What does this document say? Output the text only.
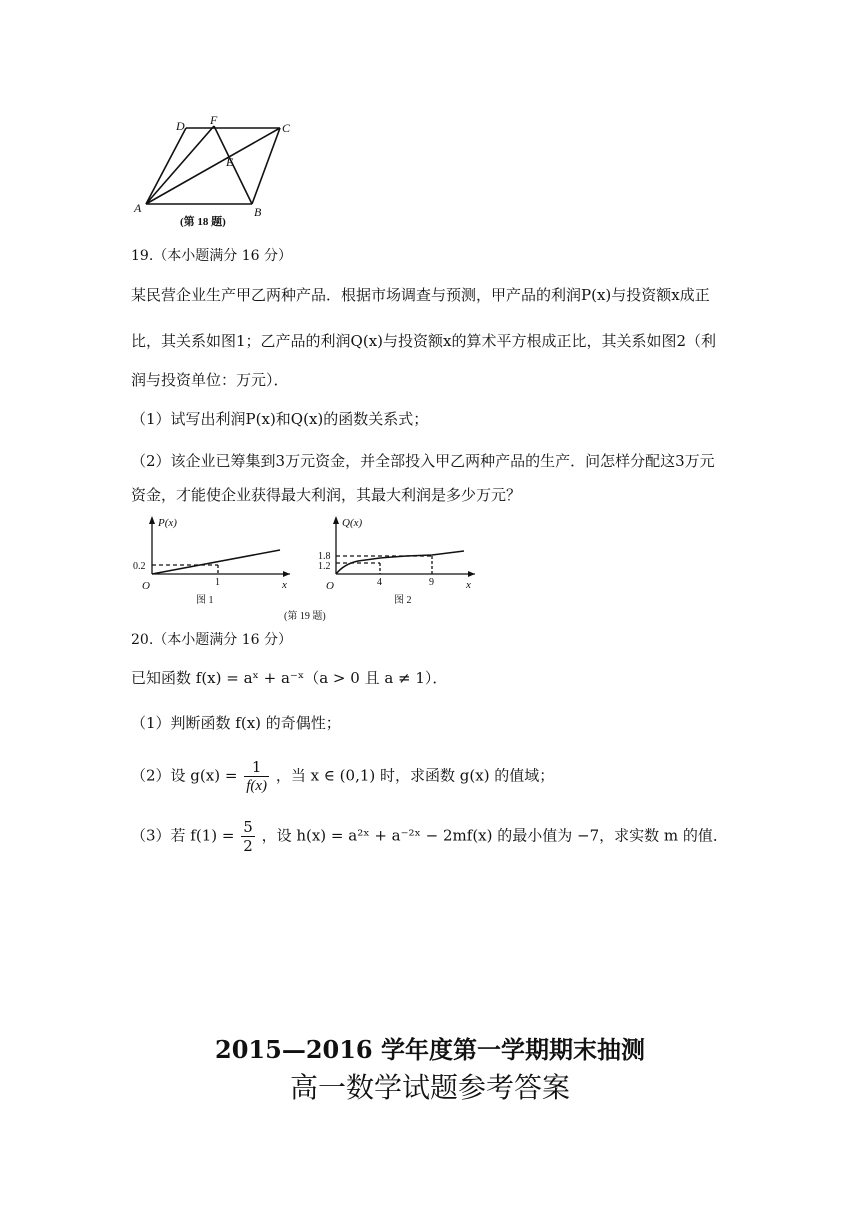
A	B
C
D
E
F
(第 18 题)
19.（本小题满分 16 分）
某民营企业生产甲乙两种产品．根据市场调查与预测，甲产品的利润P(x)与投资额x成正
比，其关系如图1；乙产品的利润Q(x)与投资额x的算术平方根成正比，其关系如图2（利
润与投资单位：万元）．
（1）试写出利润P(x)和Q(x)的函数关系式；
（2）该企业已筹集到3万元资金，并全部投入甲乙两种产品的生产．问怎样分配这3万元
资金，才能使企业获得最大利润，其最大利润是多少万元？
P(x)
0.2
O	1	x
图 1
Q(x)
1.8
1.2
O	4	9	x
图 2
(第 19 题)
20.（本小题满分 16 分）
已知函数 f(x) = aˣ + a⁻ˣ（a > 0 且 a ≠ 1）．
（1）判断函数 f(x) 的奇偶性；
（2）设 $g(x) = \frac{1}{f(x)}$ ，当 x ∈ (0,1) 时，求函数 g(x) 的值域；
（3）若 $f(1) = \frac{5}{2}$ ，设 h(x) = a²ˣ + a⁻²ˣ − 2mf(x) 的最小值为 −7，求实数 m 的值．
2015—2016 学年度第一学期期末抽测
高一数学试题参考答案
